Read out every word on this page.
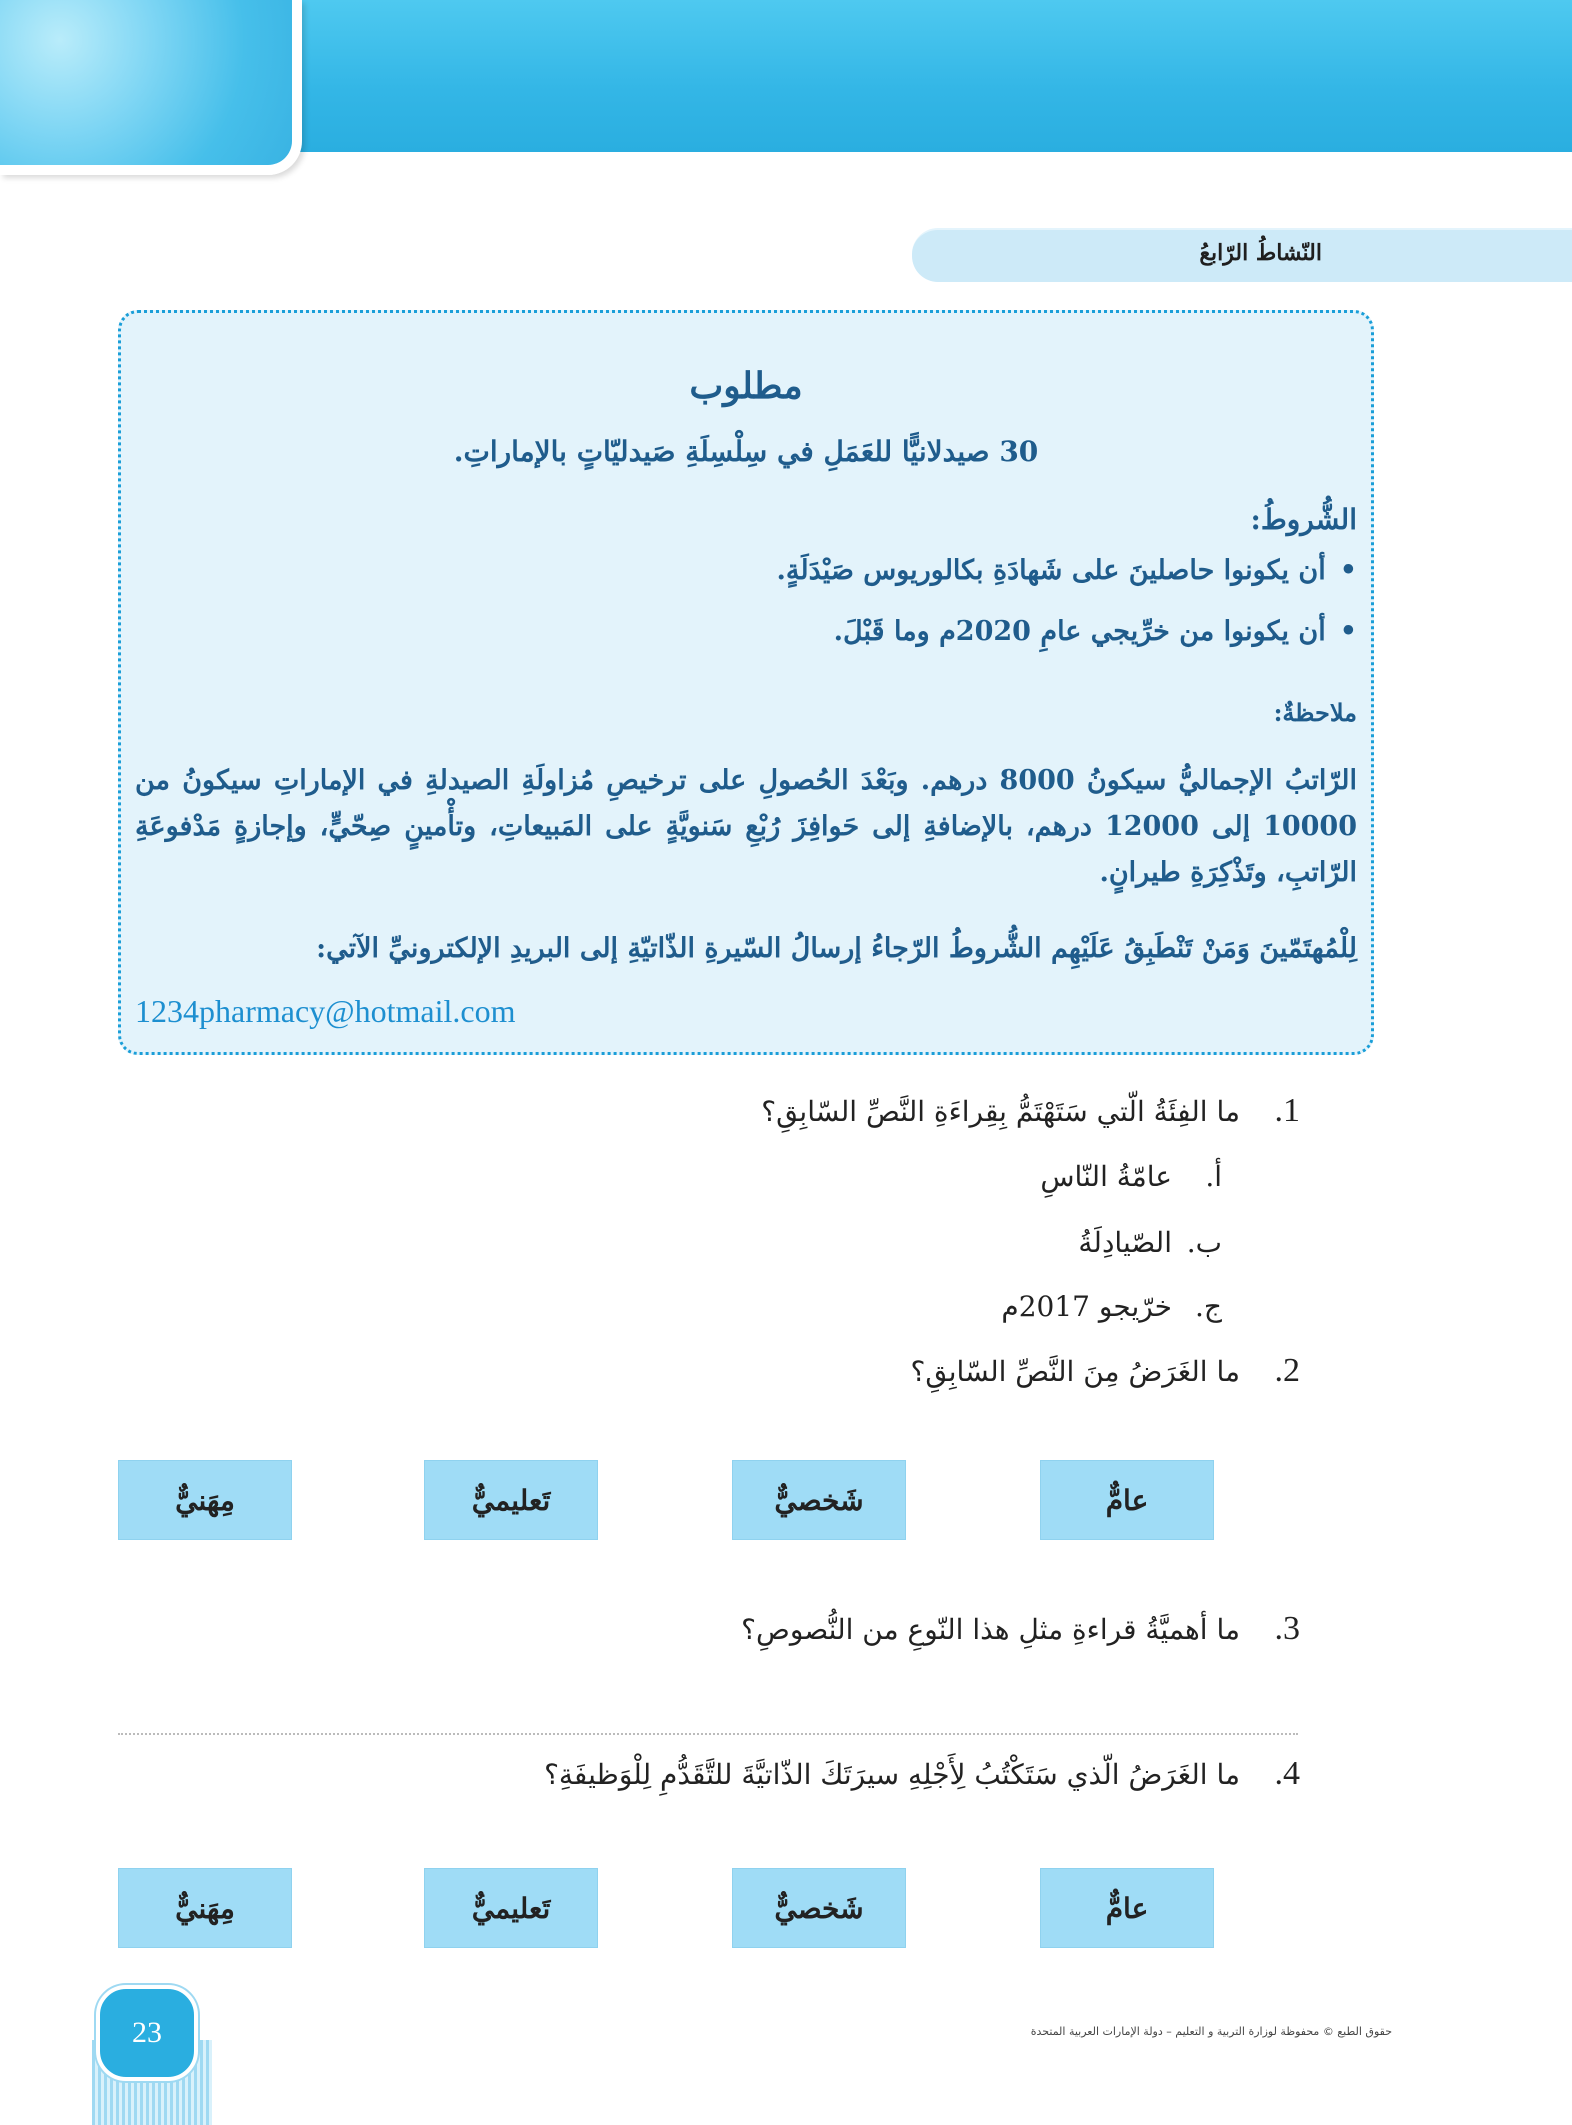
النّشاطُ الرّابعُ
مطلوب
30 صيدلانيًّا للعَمَلِ في سِلْسِلَةِ صَيدليّاتٍ بالإماراتِ.
الشُّروطُ:
• أن يكونوا حاصلينَ على شَهادَةِ بكالوريوس صَيْدَلَةٍ.
• أن يكونوا من خرِّيجي عامِ 2020م وما قَبْلَ.
ملاحظةٌ:
الرّاتبُ الإجماليُّ سيكونُ 8000 درهم. وبَعْدَ الحُصولِ على ترخيصِ مُزاولَةِ الصيدلةِ في الإماراتِ سيكونُ من 10000 إلى 12000 درهم، بالإضافةِ إلى حَوافِزَ رُبْعِ سَنويَّةٍ على المَبيعاتِ، وتأْمينٍ صِحّيٍّ، وإجازةٍ مَدْفوعَةِ الرّاتبِ، وتَذْكِرَةِ طيرانٍ.
لِلْمُهتَمّينَ وَمَنْ تَنْطَبِقُ عَلَيْهِم الشُّروطُ الرّجاءُ إرسالُ السّيرةِ الذّاتيّةِ إلى البريدِ الإلكترونيِّ الآتي:
1234pharmacy@hotmail.com
1.ما الفِئَةُ الّتي سَتَهْتَمُّ بِقِراءَةِ النَّصِّ السّابِقِ؟
أ.عامّةُ النّاسِ
ب.الصّيادِلَةُ
ج.خرّيجو 2017م
2.ما الغَرَضُ مِنَ النَّصِّ السّابِقِ؟
عامٌّ
شَخصيٌّ
تَعليميٌّ
مِهَنيٌّ
3.ما أهميَّةُ قراءةِ مثلِ هذا النّوعِ من النُّصوصِ؟
4.ما الغَرَضُ الّذي سَتَكْتُبُ لِأَجْلِهِ سيرَتَكَ الذّاتيَّةَ للتَّقَدُّمِ لِلْوَظيفَةِ؟
عامٌّ
شَخصيٌّ
تَعليميٌّ
مِهَنيٌّ
23	حقوق الطبع © محفوظة لوزارة التربية و التعليم – دولة الإمارات العربية المتحدة
